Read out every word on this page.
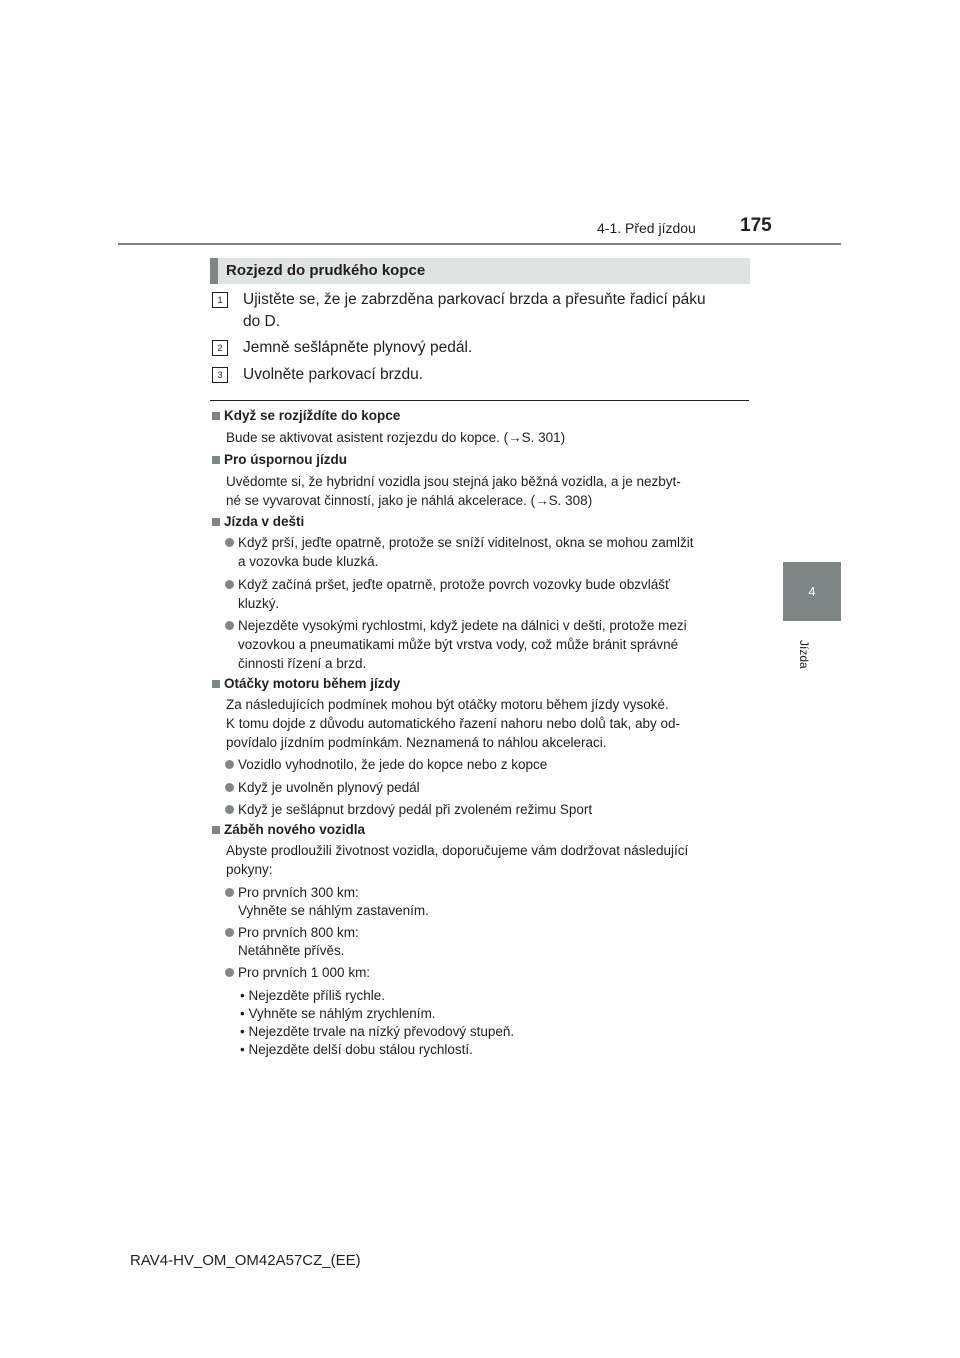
4-1. Před jízdou 175
4
Jízda
Rozjezd do prudkého kopce
1	Ujistěte se, že je zabrzděna parkovací brzda a přesuňte řadicí páku
do D.
2	Jemně sešlápněte plynový pedál.
3	Uvolněte parkovací brzdu.
Když se rozjíždíte do kopce
Bude se aktivovat asistent rozjezdu do kopce. (→S. 301)
Pro úspornou jízdu
Uvědomte si, že hybridní vozidla jsou stejná jako běžná vozidla, a je nezbyt-
né se vyvarovat činností, jako je náhlá akcelerace. (→S. 308)
Jízda v dešti
Když prší, jeďte opatrně, protože se sníží viditelnost, okna se mohou zamlžit
a vozovka bude kluzká.
Když začíná pršet, jeďte opatrně, protože povrch vozovky bude obzvlášť
kluzký.
Nejezděte vysokými rychlostmi, když jedete na dálnici v dešti, protože mezi
vozovkou a pneumatikami může být vrstva vody, což může bránit správné
činnosti řízení a brzd.
Otáčky motoru během jízdy
Za následujících podmínek mohou být otáčky motoru během jízdy vysoké.
K tomu dojde z důvodu automatického řazení nahoru nebo dolů tak, aby od-
povídalo jízdním podmínkám. Neznamená to náhlou akceleraci.
Vozidlo vyhodnotilo, že jede do kopce nebo z kopce
Když je uvolněn plynový pedál
Když je sešlápnut brzdový pedál při zvoleném režimu Sport
Záběh nového vozidla
Abyste prodloužili životnost vozidla, doporučujeme vám dodržovat následující
pokyny:
Pro prvních 300 km:
Vyhněte se náhlým zastavením.
Pro prvních 800 km:
Netáhněte přívěs.
Pro prvních 1 000 km:
• Nejezděte příliš rychle.
• Vyhněte se náhlým zrychlením.
• Nejezděte trvale na nízký převodový stupeň.
• Nejezděte delší dobu stálou rychlostí.
RAV4-HV_OM_OM42A57CZ_(EE)
